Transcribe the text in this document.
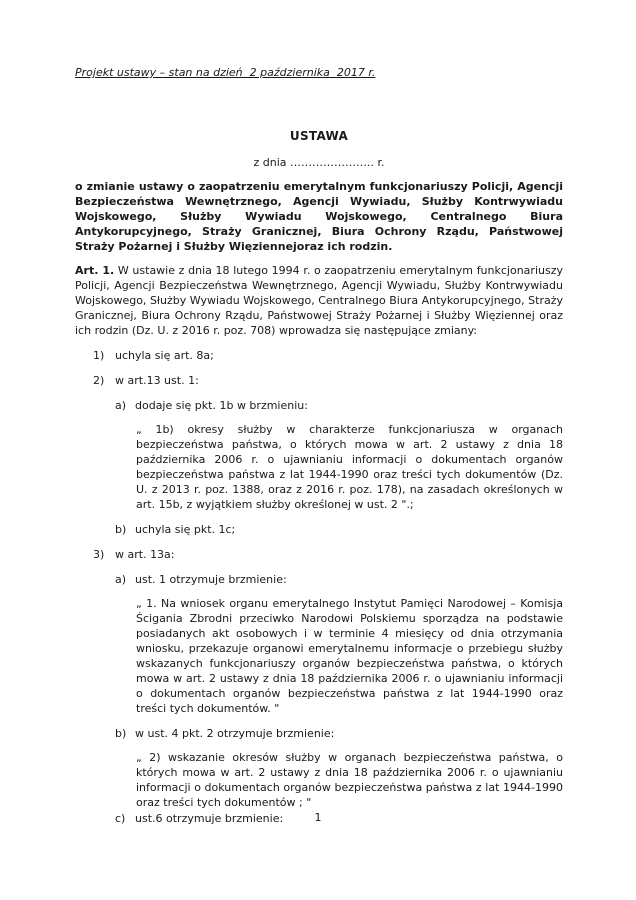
Projekt ustawy – stan na dzień  2 października  2017 r.
USTAWA
z dnia ………………….. r.
o zmianie ustawy o zaopatrzeniu emerytalnym funkcjonariuszy Policji, Agencji Bezpieczeństwa Wewnętrznego, Agencji Wywiadu, Służby Kontrwywiadu Wojskowego, Służby Wywiadu Wojskowego, Centralnego Biura Antykorupcyjnego, Straży Granicznej, Biura Ochrony Rządu, Państwowej Straży Pożarnej i Służby Więziennejoraz ich rodzin.
Art. 1. W ustawie z dnia 18 lutego 1994 r. o zaopatrzeniu emerytalnym funkcjonariuszy Policji, Agencji Bezpieczeństwa Wewnętrznego, Agencji Wywiadu, Służby Kontrwywiadu Wojskowego, Służby Wywiadu Wojskowego, Centralnego Biura Antykorupcyjnego, Straży Granicznej, Biura Ochrony Rządu, Państwowej Straży Pożarnej i Służby Więziennej oraz ich rodzin (Dz. U. z 2016 r. poz. 708) wprowadza się następujące zmiany:
1) uchyla się art. 8a;
2) w art.13 ust. 1:
a) dodaje się pkt. 1b w brzmieniu:
„ 1b) okresy służby w charakterze funkcjonariusza w organach bezpieczeństwa państwa, o których mowa w art. 2 ustawy z dnia 18 października 2006 r. o ujawnianiu informacji o dokumentach organów bezpieczeństwa państwa z lat 1944-1990 oraz treści tych dokumentów (Dz. U. z 2013 r. poz. 1388, oraz z 2016 r. poz. 178), na zasadach określonych w art. 15b, z wyjątkiem służby określonej w ust. 2 ".;
b) uchyla się pkt. 1c;
3) w art. 13a:
a) ust. 1 otrzymuje brzmienie:
„ 1. Na wniosek organu emerytalnego Instytut Pamięci Narodowej – Komisja Ścigania Zbrodni przeciwko Narodowi Polskiemu sporządza na podstawie posiadanych akt osobowych i w terminie 4 miesięcy od dnia otrzymania wniosku, przekazuje organowi emerytalnemu informacje o przebiegu służby wskazanych funkcjonariuszy organów bezpieczeństwa państwa, o których mowa w art. 2 ustawy z dnia 18 października 2006 r. o ujawnianiu informacji o dokumentach organów bezpieczeństwa państwa z lat 1944-1990 oraz treści tych dokumentów. "
b) w ust. 4 pkt. 2 otrzymuje brzmienie:
„ 2) wskazanie okresów służby w organach bezpieczeństwa państwa, o których mowa w art. 2 ustawy z dnia 18 października 2006 r. o ujawnianiu informacji o dokumentach organów bezpieczeństwa państwa z lat 1944-1990 oraz treści tych dokumentów ; "
c) ust.6 otrzymuje brzmienie:	1
